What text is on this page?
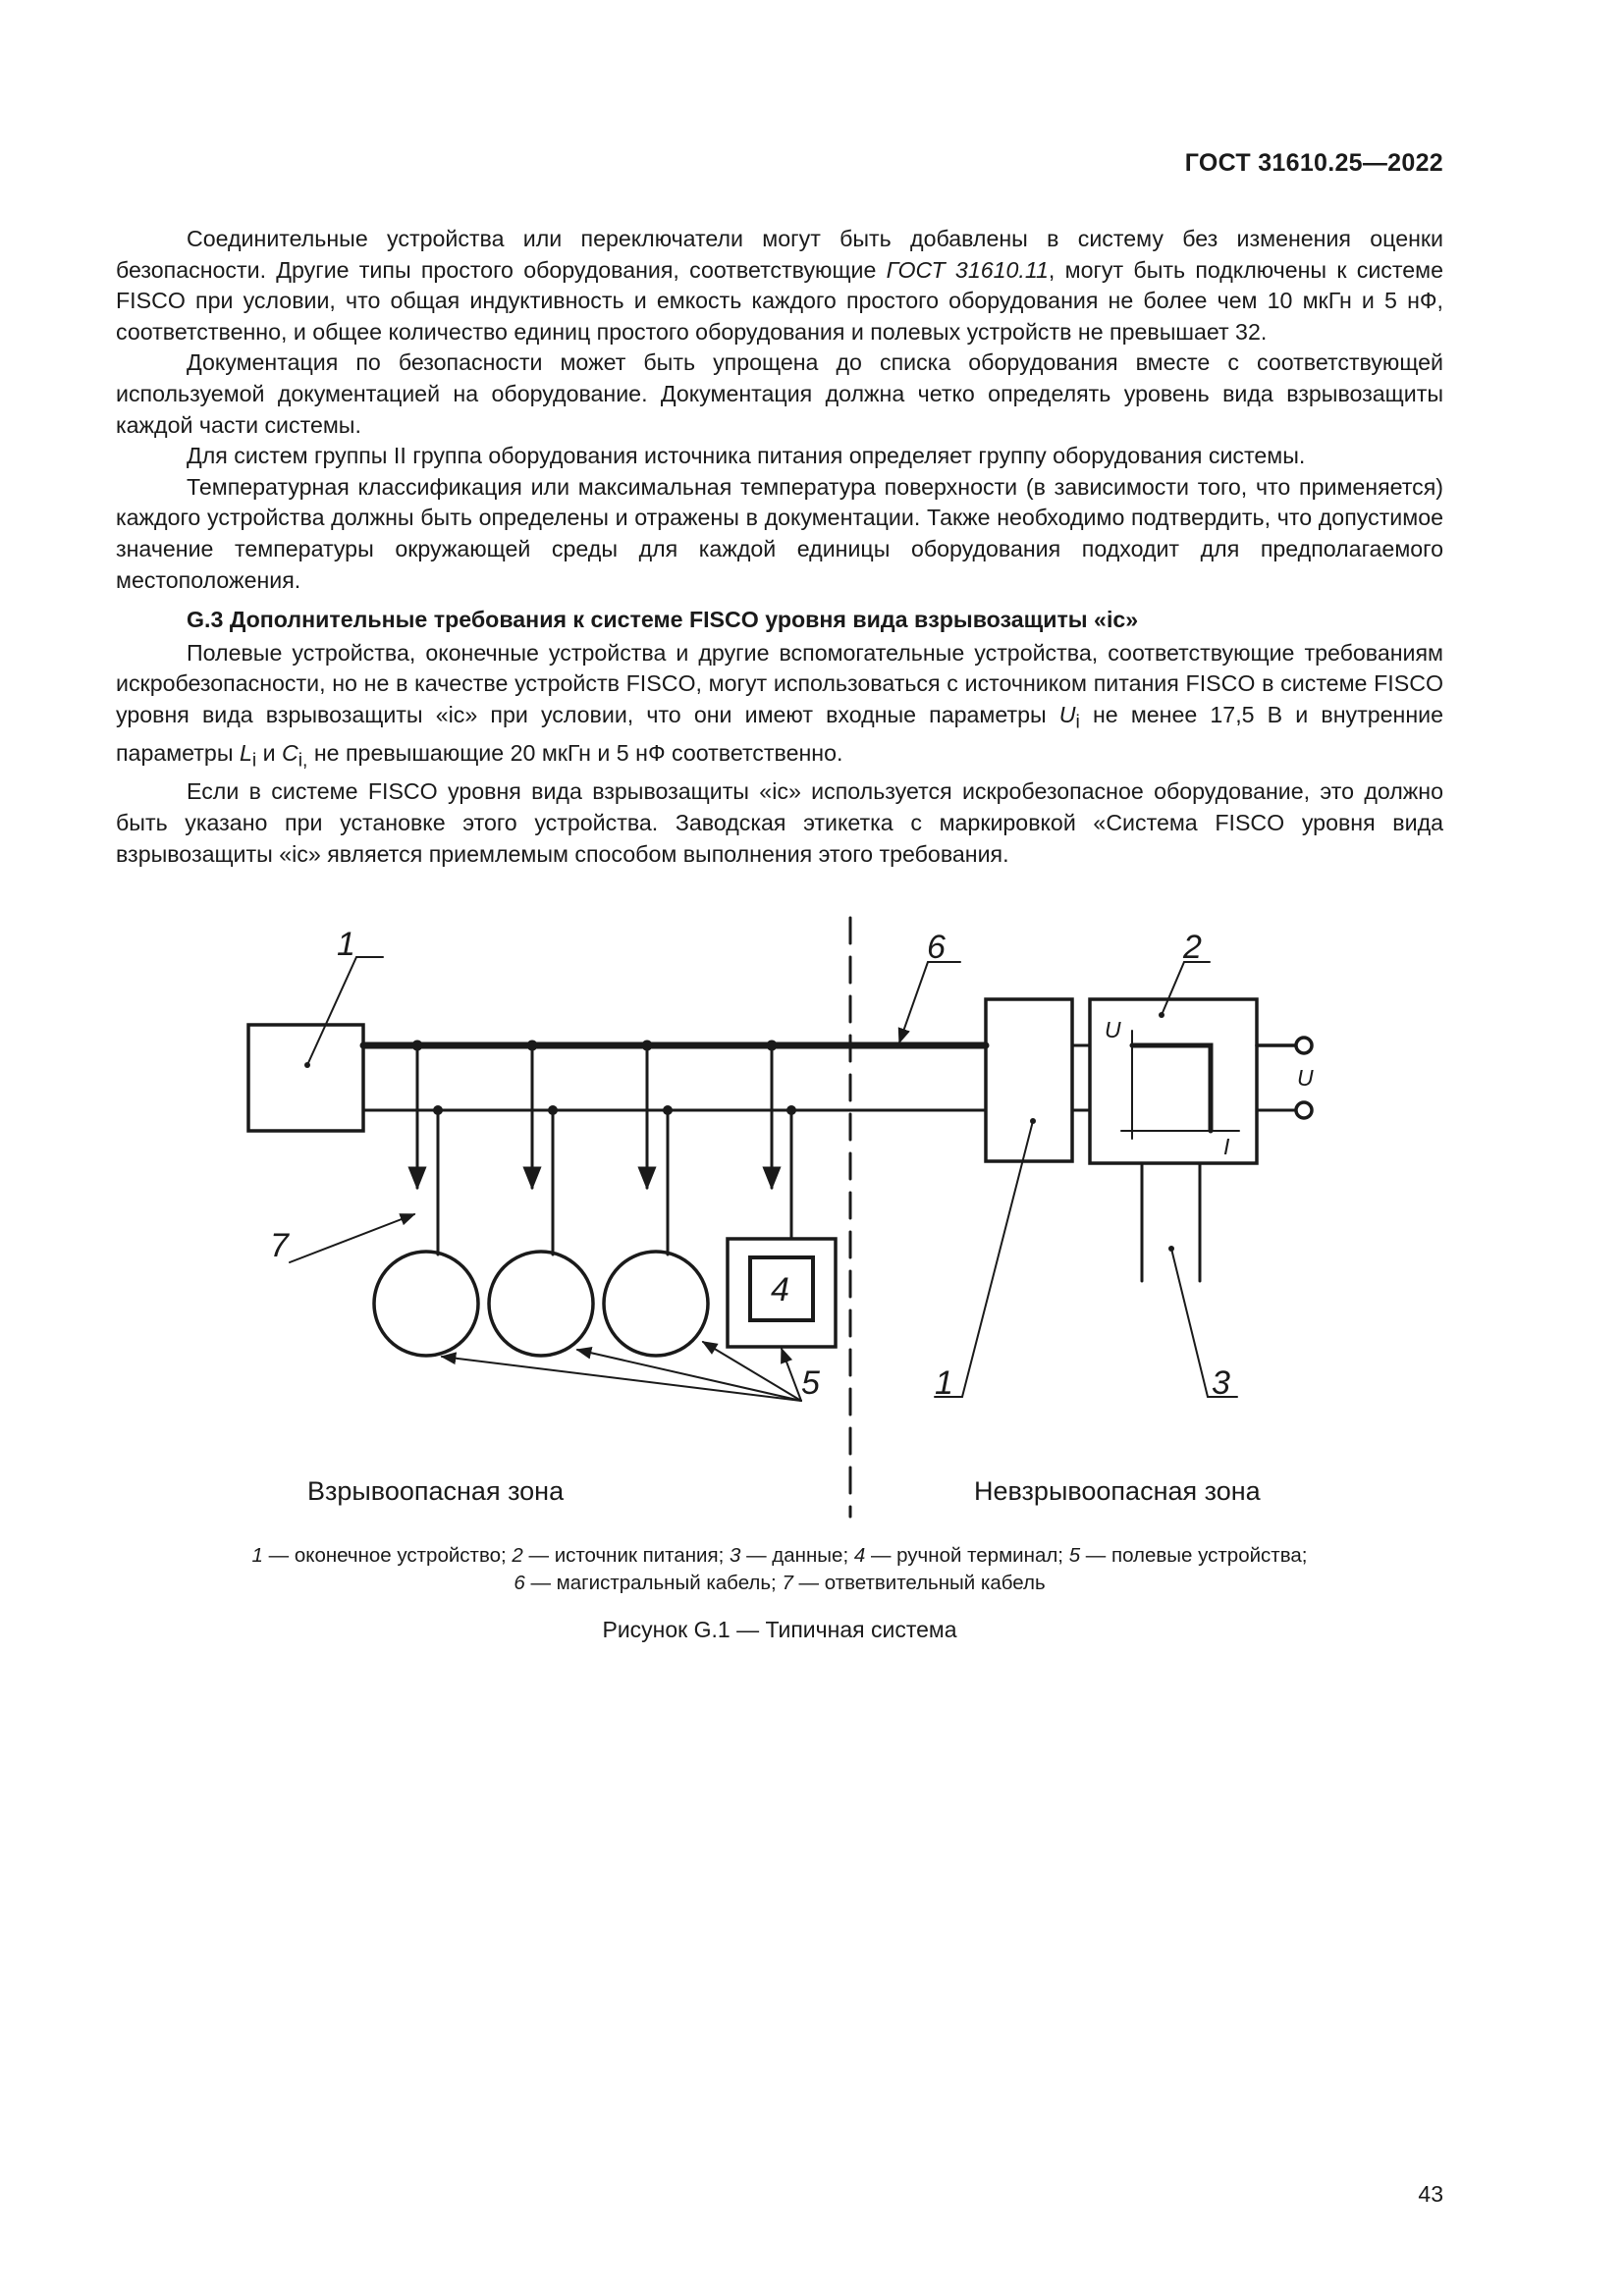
ГОСТ 31610.25—2022

Соединительные устройства или переключатели могут быть добавлены в систему без изменения оценки безопасности. Другие типы простого оборудования, соответствующие ГОСТ 31610.11, могут быть подключены к системе FISCO при условии, что общая индуктивность и емкость каждого простого оборудования не более чем 10 мкГн и 5 нФ, соответственно, и общее количество единиц простого оборудования и полевых устройств не превышает 32.

Документация по безопасности может быть упрощена до списка оборудования вместе с соответствующей используемой документацией на оборудование. Документация должна четко определять уровень вида взрывозащиты каждой части системы.

Для систем группы II группа оборудования источника питания определяет группу оборудования системы.

Температурная классификация или максимальная температура поверхности (в зависимости того, что применяется) каждого устройства должны быть определены и отражены в документации. Также необходимо подтвердить, что допустимое значение температуры окружающей среды для каждой единицы оборудования подходит для предполагаемого местоположения.

G.3 Дополнительные требования к системе FISCO уровня вида взрывозащиты «ic»

Полевые устройства, оконечные устройства и другие вспомогательные устройства, соответствующие требованиям искробезопасности, но не в качестве устройств FISCO, могут использоваться с источником питания FISCO в системе FISCO уровня вида взрывозащиты «ic» при условии, что они имеют входные параметры $U_i$ не менее 17,5 В и внутренние параметры $L_i$ и $C_{i,}$ не превышающие 20 мкГн и 5 нФ соответственно.

Если в системе FISCO уровня вида взрывозащиты «ic» используется искробезопасное оборудование, это должно быть указано при установке этого устройства. Заводская этикетка с маркировкой «Система FISCO уровня вида взрывозащиты «ic» является приемлемым способом выполнения этого требования.

1	6	2
7
4
5	1	3
U
I
U
Взрывоопасная зона	Невзрывоопасная зона
1 — оконечное устройство; 2 — источник питания; 3 — данные; 4 — ручной терминал; 5 — полевые устройства;
6 — магистральный кабель; 7 — ответвительный кабель
Рисунок G.1 — Типичная система
43
